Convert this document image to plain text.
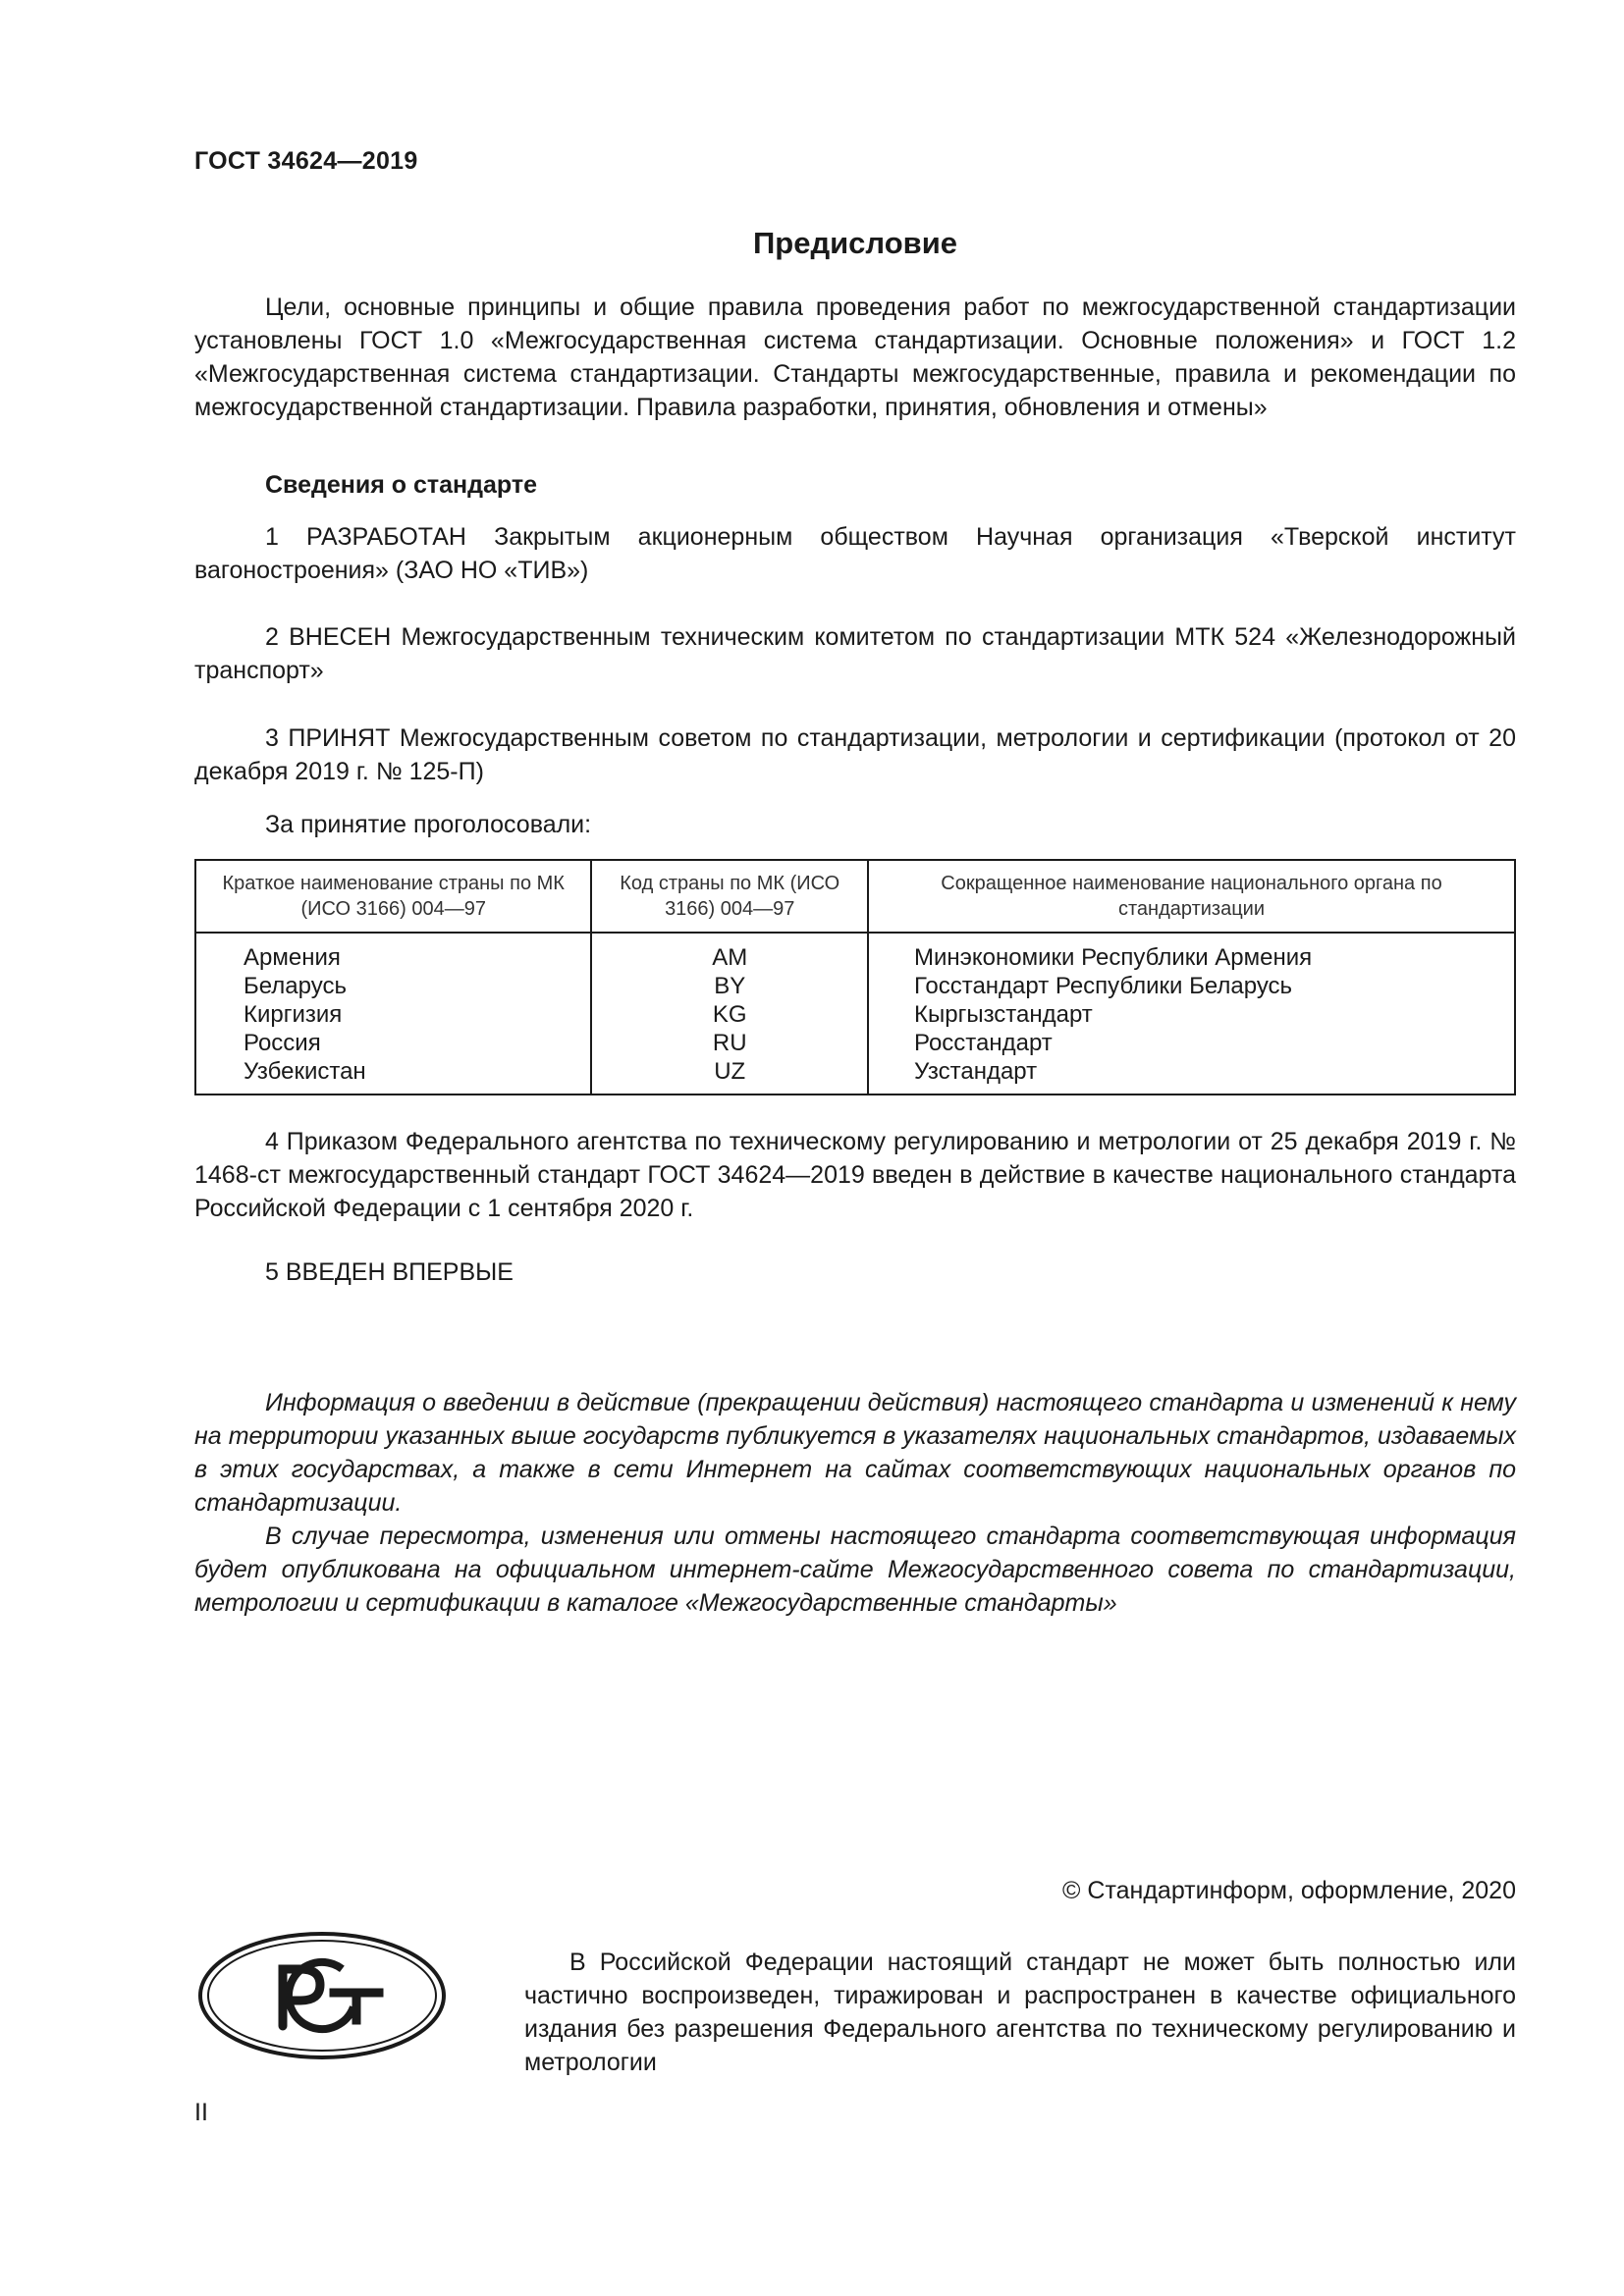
ГОСТ 34624—2019
Предисловие

Цели, основные принципы и общие правила проведения работ по межгосударственной стандартизации установлены ГОСТ 1.0 «Межгосударственная система стандартизации. Основные положения» и ГОСТ 1.2 «Межгосударственная система стандартизации. Стандарты межгосударственные, правила и рекомендации по межгосударственной стандартизации. Правила разработки, принятия, обновления и отмены»

Сведения о стандарте

1 РАЗРАБОТАН Закрытым акционерным обществом Научная организация «Тверской институт вагоностроения» (ЗАО НО «ТИВ»)

2 ВНЕСЕН Межгосударственным техническим комитетом по стандартизации МТК 524 «Железнодорожный транспорт»

3 ПРИНЯТ Межгосударственным советом по стандартизации, метрологии и сертификации (протокол от 20 декабря 2019 г. № 125-П)

За принятие проголосовали:
Краткое наименование страны по МК (ИСО 3166) 004—97	Код страны по МК (ИСО 3166) 004—97	Сокращенное наименование национального органа по стандартизации
Армения	AM	Минэкономики Республики Армения
Беларусь	BY	Госстандарт Республики Беларусь
Киргизия	KG	Кыргызстандарт
Россия	RU	Росстандарт
Узбекистан	UZ	Узстандарт

4 Приказом Федерального агентства по техническому регулированию и метрологии от 25 декабря 2019 г. № 1468-ст межгосударственный стандарт ГОСТ 34624—2019 введен в действие в качестве национального стандарта Российской Федерации с 1 сентября 2020 г.

5 ВВЕДЕН ВПЕРВЫЕ

Информация о введении в действие (прекращении действия) настоящего стандарта и изменений к нему на территории указанных выше государств публикуется в указателях национальных стандартов, издаваемых в этих государствах, а также в сети Интернет на сайтах соответствующих национальных органов по стандартизации.

В случае пересмотра, изменения или отмены настоящего стандарта соответствующая информация будет опубликована на официальном интернет-сайте Межгосударственного совета по стандартизации, метрологии и сертификации в каталоге «Межгосударственные стандарты»

© Стандартинформ, оформление, 2020

В Российской Федерации настоящий стандарт не может быть полностью или частично воспроизведен, тиражирован и распространен в качестве официального издания без разрешения Федерального агентства по техническому регулированию и метрологии

II
